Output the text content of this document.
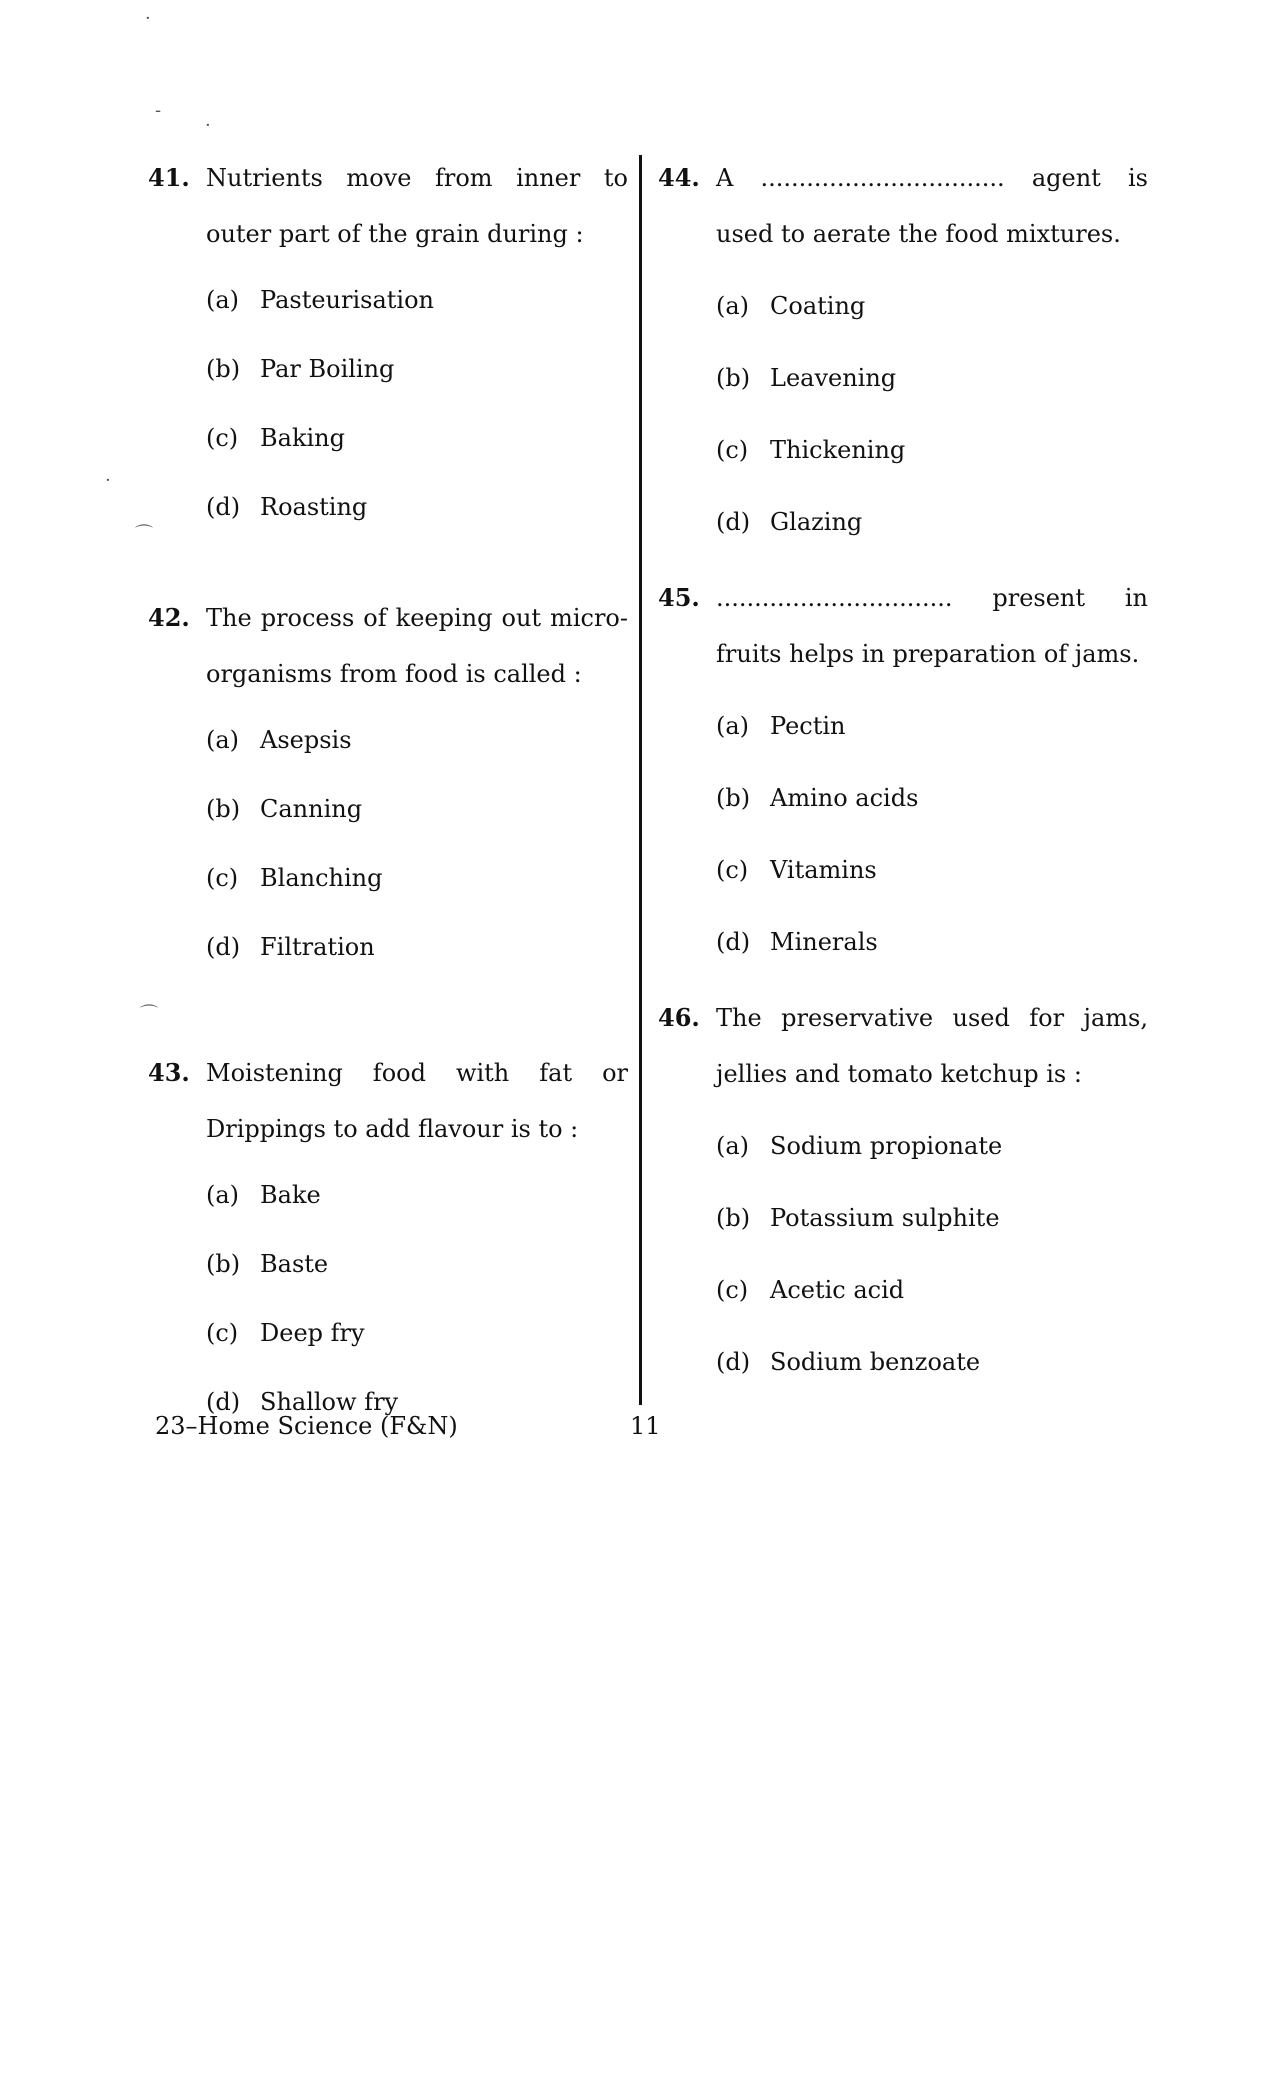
·
‑
·
⌒
·
⌒
41. Nutrients move from inner to outer part of the grain during :
(a) Pasteurisation
(b) Par Boiling
(c) Baking
(d) Roasting
42. The process of keeping out micro-organisms from food is called :
(a) Asepsis
(b) Canning
(c) Blanching
(d) Filtration
43. Moistening food with fat or Drippings to add flavour is to :
(a) Bake
(b) Baste
(c) Deep fry
(d) Shallow fry
44. A ................................ agent is used to aerate the food mixtures.
(a) Coating
(b) Leavening
(c) Thickening
(d) Glazing
45. ............................... present in fruits helps in preparation of jams.
(a) Pectin
(b) Amino acids
(c) Vitamins
(d) Minerals
46. The preservative used for jams, jellies and tomato ketchup is :
(a) Sodium propionate
(b) Potassium sulphite
(c) Acetic acid
(d) Sodium benzoate
23–Home Science (F&N)	11
